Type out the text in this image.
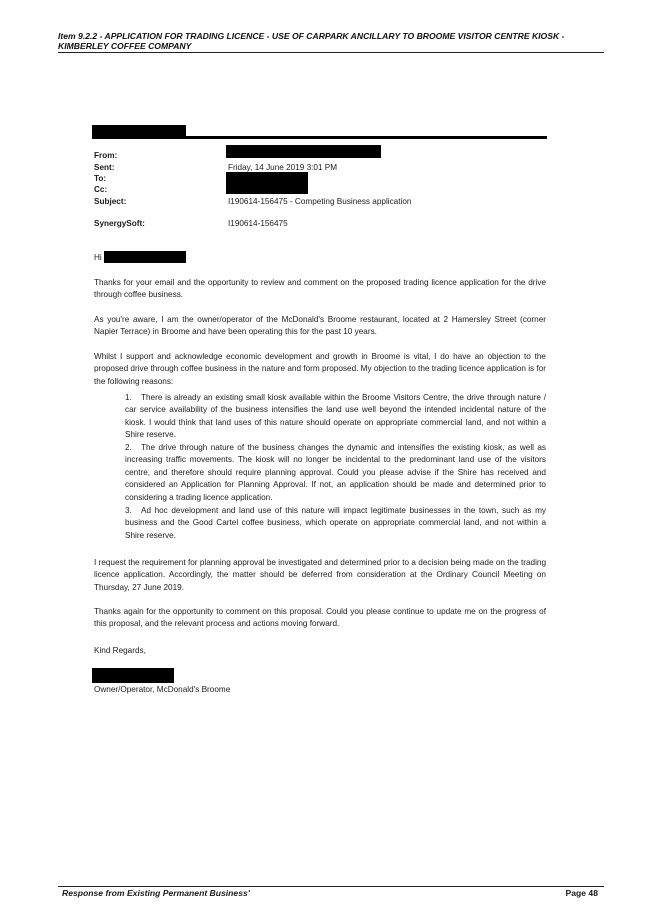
Item 9.2.2 - APPLICATION FOR TRADING LICENCE - USE OF CARPARK ANCILLARY TO BROOME VISITOR CENTRE KIOSK - KIMBERLEY COFFEE COMPANY
From:
Sent:	Friday, 14 June 2019 3:01 PM
To:
Cc:
Subject:	I190614-156475 - Competing Business application
SynergySoft:	I190614-156475
Hi
Thanks for your email and the opportunity to review and comment on the proposed trading licence application for the drive through coffee business.
As you're aware, I am the owner/operator of the McDonald's Broome restaurant, located at 2 Hamersley Street (corner Napier Terrace) in Broome and have been operating this for the past 10 years.
Whilst I support and acknowledge economic development and growth in Broome is vital, I do have an objection to the proposed drive through coffee business in the nature and form proposed. My objection to the trading licence application is for the following reasons:
1. There is already an existing small kiosk available within the Broome Visitors Centre, the drive through nature / car service availability of the business intensifies the land use well beyond the intended incidental nature of the kiosk. I would think that land uses of this nature should operate on appropriate commercial land, and not within a Shire reserve.
2. The drive through nature of the business changes the dynamic and intensifies the existing kiosk, as well as increasing traffic movements. The kiosk will no longer be incidental to the predominant land use of the visitors centre, and therefore should require planning approval. Could you please advise if the Shire has received and considered an Application for Planning Approval. If not, an application should be made and determined prior to considering a trading licence application.
3. Ad hoc development and land use of this nature will impact legitimate businesses in the town, such as my business and the Good Cartel coffee business, which operate on appropriate commercial land, and not within a Shire reserve.
I request the requirement for planning approval be investigated and determined prior to a decision being made on the trading licence application. Accordingly, the matter should be deferred from consideration at the Ordinary Council Meeting on Thursday, 27 June 2019.
Thanks again for the opportunity to comment on this proposal. Could you please continue to update me on the progress of this proposal, and the relevant process and actions moving forward.
Kind Regards,
Owner/Operator, McDonald's Broome
Response from Existing Permanent Business'	Page 48
